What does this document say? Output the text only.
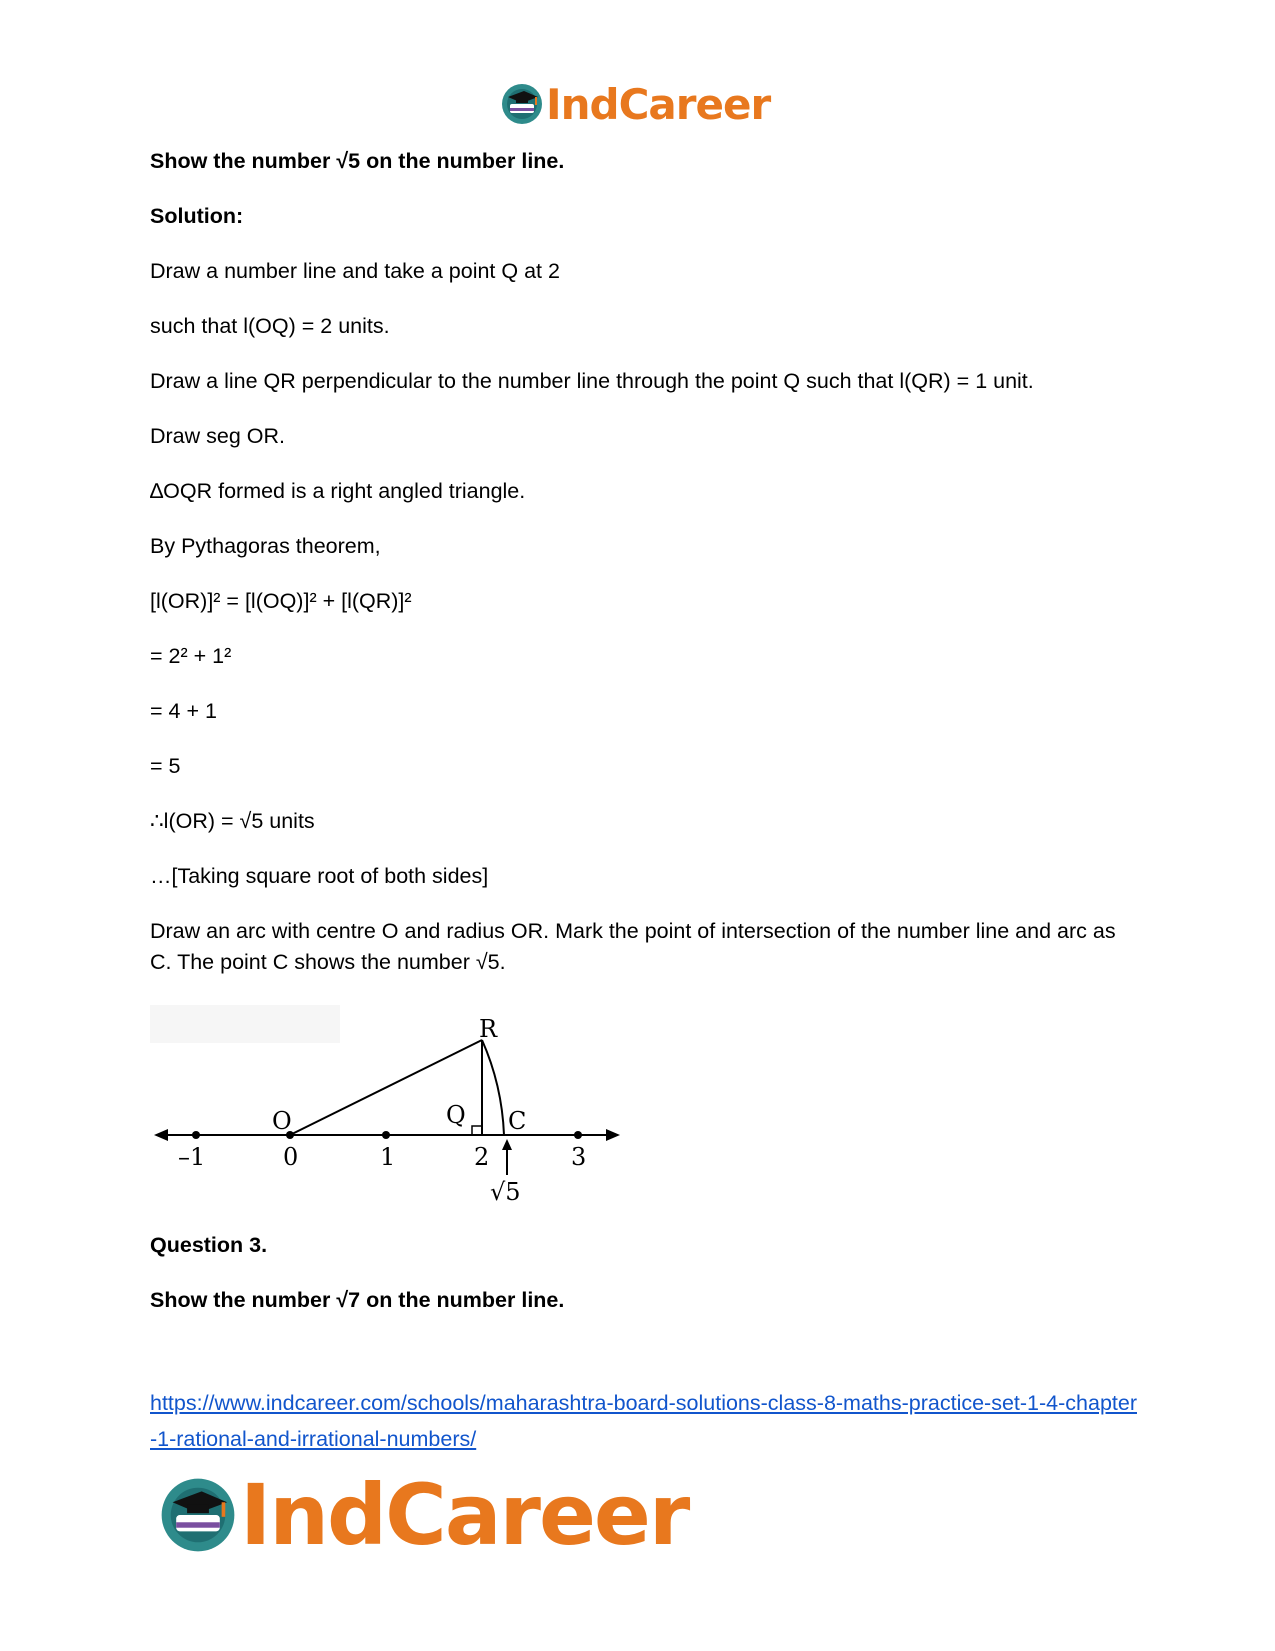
IndCareer

Show the number √5 on the number line.

Solution:

Draw a number line and take a point Q at 2

such that l(OQ) = 2 units.

Draw a line QR perpendicular to the number line through the point Q such that l(QR) = 1 unit.

Draw seg OR.

∆OQR formed is a right angled triangle.

By Pythagoras theorem,

[l(OR)]² = [l(OQ)]² + [l(QR)]²

= 2² + 1²

= 4 + 1

= 5

∴l(OR) = √5 units

…[Taking square root of both sides]

Draw an arc with centre O and radius OR. Mark the point of intersection of the number line and arc as C. The point C shows the number √5.

O	Q
R
C
–1	0	1	2	3
√5

Question 3.

Show the number √7 on the number line.

https://www.indcareer.com/schools/maharashtra-board-solutions-class-8-maths-practice-set-1-4-chapter-1-rational-and-irrational-numbers/
IndCareer
